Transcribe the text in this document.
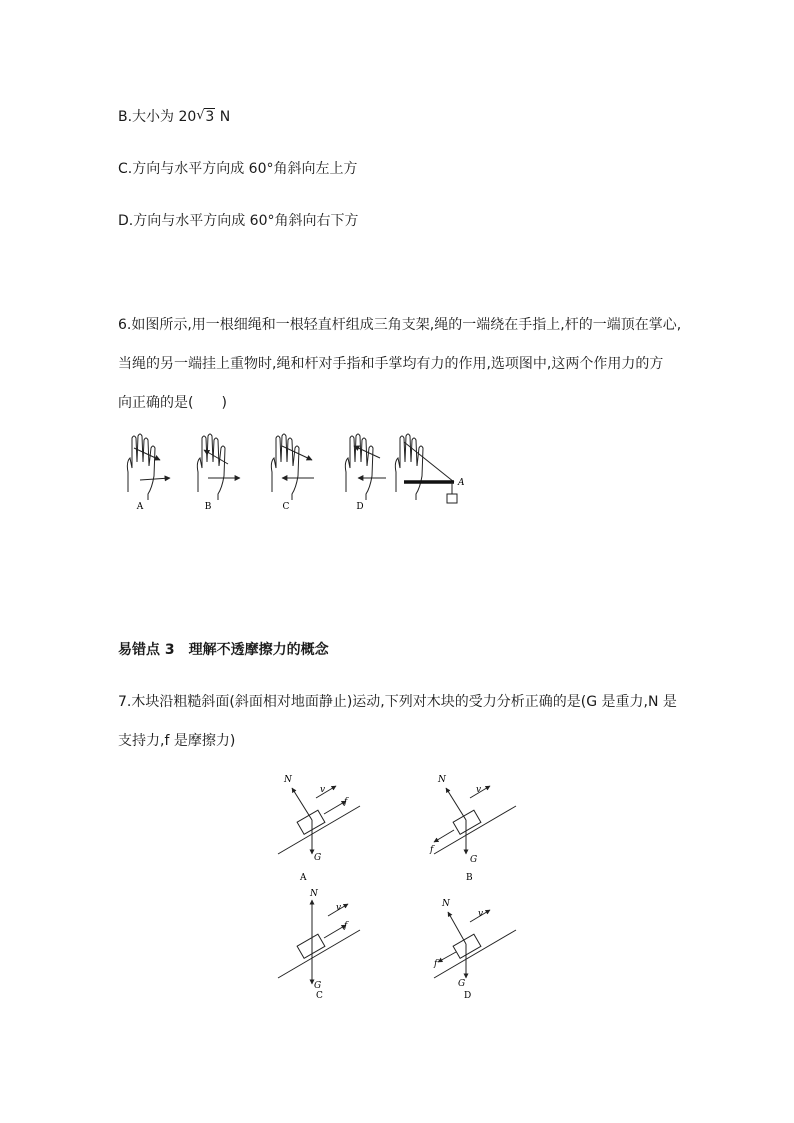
B.大小为 20 √ 3 N
C.方向与水平方向成 60°角斜向左上方
D.方向与水平方向成 60°角斜向右下方
6.如图所示,用一根细绳和一根轻直杆组成三角支架,绳的一端绕在手指上,杆的一端顶在掌心,
当绳的另一端挂上重物时,绳和杆对手指和手掌均有力的作用,选项图中,这两个作用力的方
向正确的是(　　)
A
A	B	C	D
易错点 3　理解不透摩擦力的概念
7.木块沿粗糙斜面(斜面相对地面静止)运动,下列对木块的受力分析正确的是(G 是重力,N 是
支持力,f 是摩擦力)
N
v
f
G
A
N
v
f
G
B
N
v
f
G
C
N
v
f
G
D
